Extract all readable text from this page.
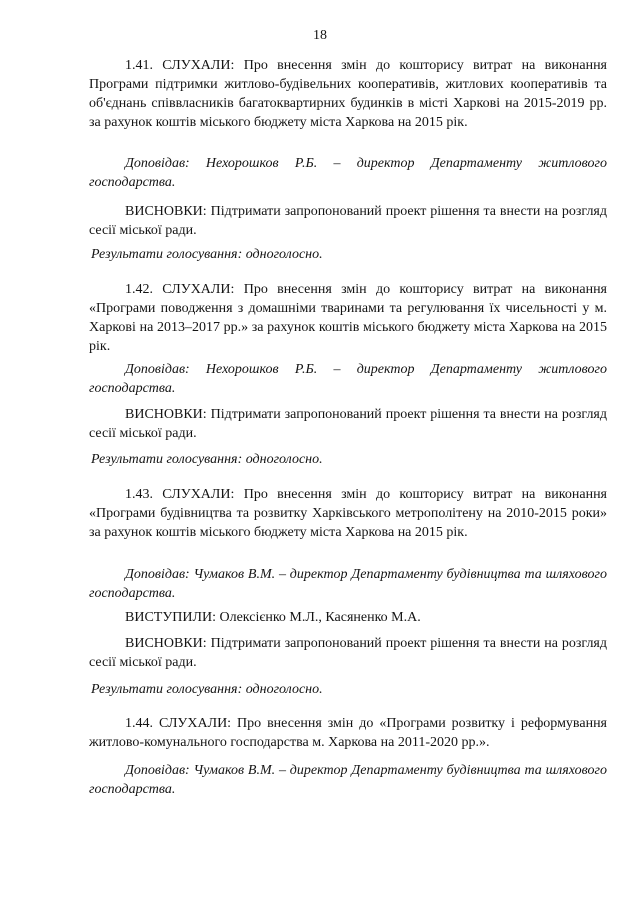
18

1.41. СЛУХАЛИ: Про внесення змін до кошторису витрат на виконання Програми підтримки житлово-будівельних кооперативів, житлових кооперативів та об'єднань співвласників багатоквартирних будинків в місті Харкові на 2015-2019 рр. за рахунок коштів міського бюджету міста Харкова на 2015 рік.

Доповідав: Нехорошков Р.Б. – директор Департаменту житлового господарства.

ВИСНОВКИ: Підтримати запропонований проект рішення та внести на розгляд сесії міської ради.

Результати голосування: одноголосно.

1.42. СЛУХАЛИ: Про внесення змін до кошторису витрат на виконання «Програми поводження з домашніми тваринами та регулювання їх чисельності у м. Харкові на 2013–2017 рр.» за рахунок коштів міського бюджету міста Харкова на 2015 рік.

Доповідав: Нехорошков Р.Б. – директор Департаменту житлового господарства.

ВИСНОВКИ: Підтримати запропонований проект рішення та внести на розгляд сесії міської ради.

Результати голосування: одноголосно.

1.43. СЛУХАЛИ: Про внесення змін до кошторису витрат на виконання «Програми будівництва та розвитку Харківського метрополітену на 2010-2015 роки» за рахунок коштів міського бюджету міста Харкова на 2015 рік.

Доповідав: Чумаков В.М. – директор Департаменту будівництва та шляхового господарства.

ВИСТУПИЛИ: Олексієнко М.Л., Касяненко М.А.

ВИСНОВКИ: Підтримати запропонований проект рішення та внести на розгляд сесії міської ради.

Результати голосування: одноголосно.

1.44. СЛУХАЛИ: Про внесення змін до «Програми розвитку і реформування житлово-комунального господарства м. Харкова на 2011-2020 рр.».

Доповідав: Чумаков В.М. – директор Департаменту будівництва та шляхового господарства.
